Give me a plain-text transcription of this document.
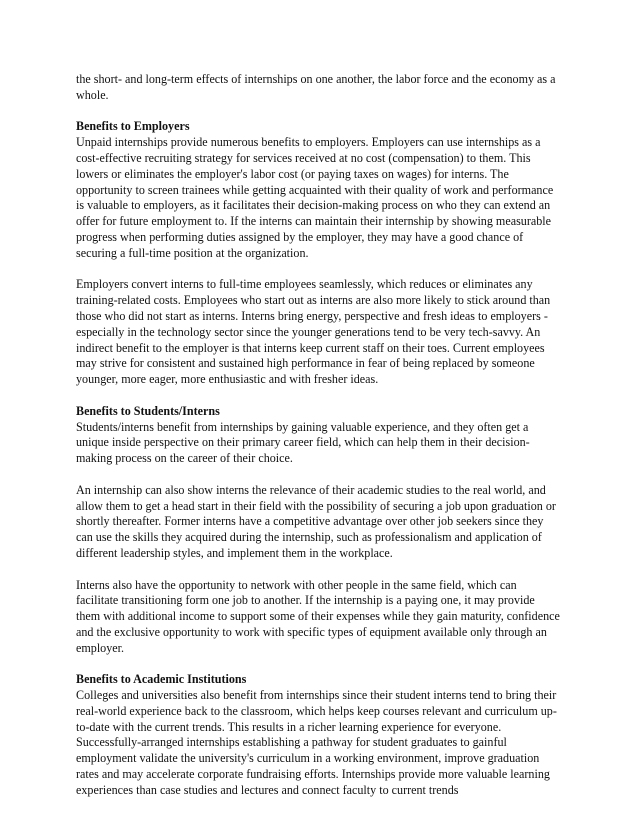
the short- and long-term effects of internships on one another, the labor force and the economy as a whole.

Benefits to Employers

Unpaid internships provide numerous benefits to employers. Employers can use internships as a cost-effective recruiting strategy for services received at no cost (compensation) to them. This lowers or eliminates the employer's labor cost (or paying taxes on wages) for interns. The opportunity to screen trainees while getting acquainted with their quality of work and performance is valuable to employers, as it facilitates their decision-making process on who they can extend an offer for future employment to. If the interns can maintain their internship by showing measurable progress when performing duties assigned by the employer, they may have a good chance of securing a full-time position at the organization.

Employers convert interns to full-time employees seamlessly, which reduces or eliminates any training-related costs. Employees who start out as interns are also more likely to stick around than those who did not start as interns. Interns bring energy, perspective and fresh ideas to employers - especially in the technology sector since the younger generations tend to be very tech-savvy. An indirect benefit to the employer is that interns keep current staff on their toes. Current employees may strive for consistent and sustained high performance in fear of being replaced by someone younger, more eager, more enthusiastic and with fresher ideas.

Benefits to Students/Interns

Students/interns benefit from internships by gaining valuable experience, and they often get a unique inside perspective on their primary career field, which can help them in their decision-making process on the career of their choice.

An internship can also show interns the relevance of their academic studies to the real world, and allow them to get a head start in their field with the possibility of securing a job upon graduation or shortly thereafter. Former interns have a competitive advantage over other job seekers since they can use the skills they acquired during the internship, such as professionalism and application of different leadership styles, and implement them in the workplace.

Interns also have the opportunity to network with other people in the same field, which can facilitate transitioning form one job to another. If the internship is a paying one, it may provide them with additional income to support some of their expenses while they gain maturity, confidence and the exclusive opportunity to work with specific types of equipment available only through an employer.

Benefits to Academic Institutions

Colleges and universities also benefit from internships since their student interns tend to bring their real-world experience back to the classroom, which helps keep courses relevant and curriculum up-to-date with the current trends. This results in a richer learning experience for everyone. Successfully-arranged internships establishing a pathway for student graduates to gainful employment validate the university's curriculum in a working environment, improve graduation rates and may accelerate corporate fundraising efforts. Internships provide more valuable learning experiences than case studies and lectures and connect faculty to current trends
